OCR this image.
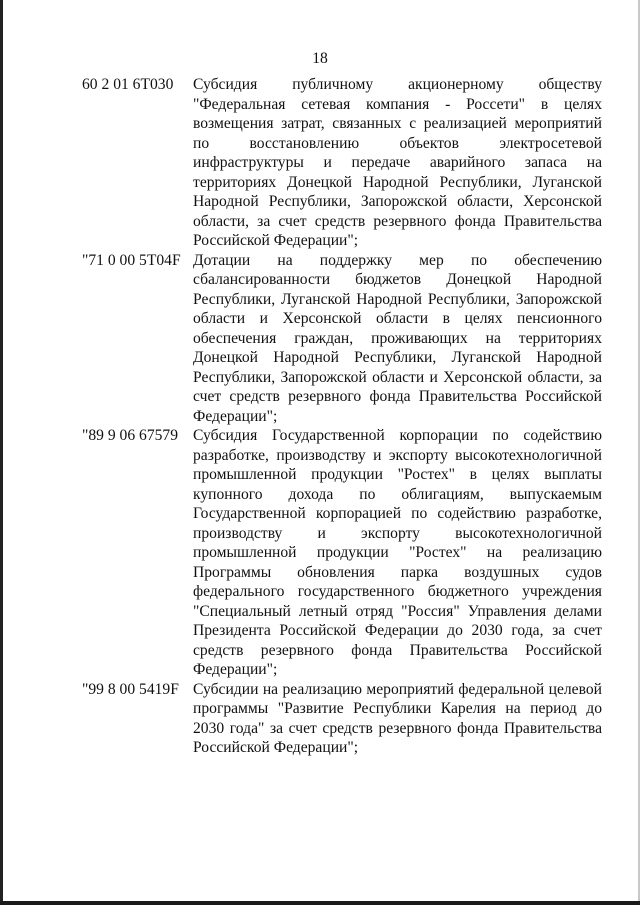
18
60 2 01 6Т030	Субсидия публичному акционерному обществу "Федеральная сетевая компания - Россети" в целях возмещения затрат, связанных с реализацией мероприятий по восстановлению объектов электросетевой инфраструктуры и передаче аварийного запаса на территориях Донецкой Народной Республики, Луганской Народной Республики, Запорожской области, Херсонской области, за счет средств резервного фонда Правительства Российской Федерации";
"71 0 00 5Т04F Дотации на поддержку мер по обеспечению сбалансированности бюджетов Донецкой Народной Республики, Луганской Народной Республики, Запорожской области и Херсонской области в целях пенсионного обеспечения граждан, проживающих на территориях Донецкой Народной Республики, Луганской Народной Республики, Запорожской области и Херсонской области, за счет средств резервного фонда Правительства Российской Федерации";
"89 9 06 67579 Субсидия Государственной корпорации по содействию разработке, производству и экспорту высокотехнологичной промышленной продукции "Ростех" в целях выплаты купонного дохода по облигациям, выпускаемым Государственной корпорацией по содействию разработке, производству и экспорту высокотехнологичной промышленной продукции "Ростех" на реализацию Программы обновления парка воздушных судов федерального государственного бюджетного учреждения "Специальный летный отряд "Россия" Управления делами Президента Российской Федерации до 2030 года, за счет средств резервного фонда Правительства Российской Федерации";
"99 8 00 5419F Субсидии на реализацию мероприятий федеральной целевой программы "Развитие Республики Карелия на период до 2030 года" за счет средств резервного фонда Правительства Российской Федерации";
